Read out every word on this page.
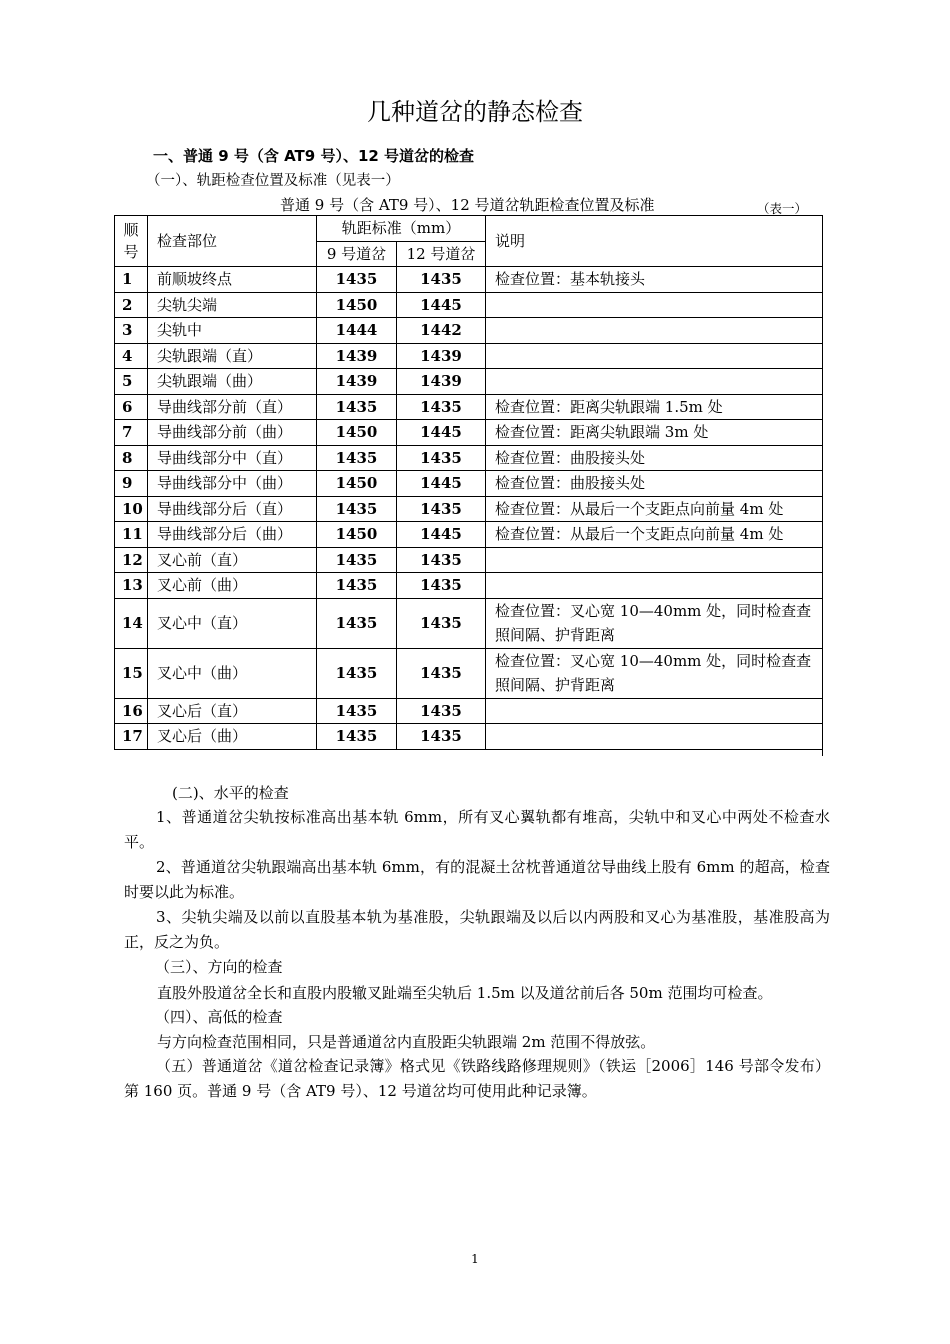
几种道岔的静态检查
一、普通 9 号（含 AT9 号）、12 号道岔的检查
（一）、轨距检查位置及标准（见表一）
普通 9 号（含 AT9 号）、12 号道岔轨距检查位置及标准	（表一）
顺
号	检查部位	轨距标准（mm）		说明
		9 号道岔	12 号道岔	
1	前顺坡终点	1435	1435	检查位置：基本轨接头
2	尖轨尖端	1450	1445	
3	尖轨中	1444	1442	
4	尖轨跟端（直）	1439	1439	
5	尖轨跟端（曲）	1439	1439	
6	导曲线部分前（直）	1435	1435	检查位置：距离尖轨跟端 1.5m 处
7	导曲线部分前（曲）	1450	1445	检查位置：距离尖轨跟端 3m 处
8	导曲线部分中（直）	1435	1435	检查位置：曲股接头处
9	导曲线部分中（曲）	1450	1445	检查位置：曲股接头处
10	导曲线部分后（直）	1435	1435	检查位置：从最后一个支距点向前量 4m 处
11	导曲线部分后（曲）	1450	1445	检查位置：从最后一个支距点向前量 4m 处
12	叉心前（直）	1435	1435	
13	叉心前（曲）	1435	1435	
14	叉心中（直）	1435	1435	检查位置：叉心宽 10—40mm 处，同时检查查照间隔、护背距离
15	叉心中（曲）	1435	1435	检查位置：叉心宽 10—40mm 处，同时检查查照间隔、护背距离
16	叉心后（直）	1435	1435	
17	叉心后（曲）	1435	1435	
(二)、水平的检查
1、普通道岔尖轨按标准高出基本轨 6mm，所有叉心翼轨都有堆高，尖轨中和叉心中两处不检查水平。
2、普通道岔尖轨跟端高出基本轨 6mm，有的混凝土岔枕普通道岔导曲线上股有 6mm 的超高，检查时要以此为标准。
3、尖轨尖端及以前以直股基本轨为基准股，尖轨跟端及以后以内两股和叉心为基准股，基准股高为正，反之为负。
（三）、方向的检查
直股外股道岔全长和直股内股辙叉趾端至尖轨后 1.5m 以及道岔前后各 50m 范围均可检查。
（四）、高低的检查
与方向检查范围相同，只是普通道岔内直股距尖轨跟端 2m 范围不得放弦。
（五）普通道岔《道岔检查记录簿》格式见《铁路线路修理规则》（铁运［2006］146 号部令发布）第 160 页。普通 9 号（含 AT9 号）、12 号道岔均可使用此种记录簿。
1
